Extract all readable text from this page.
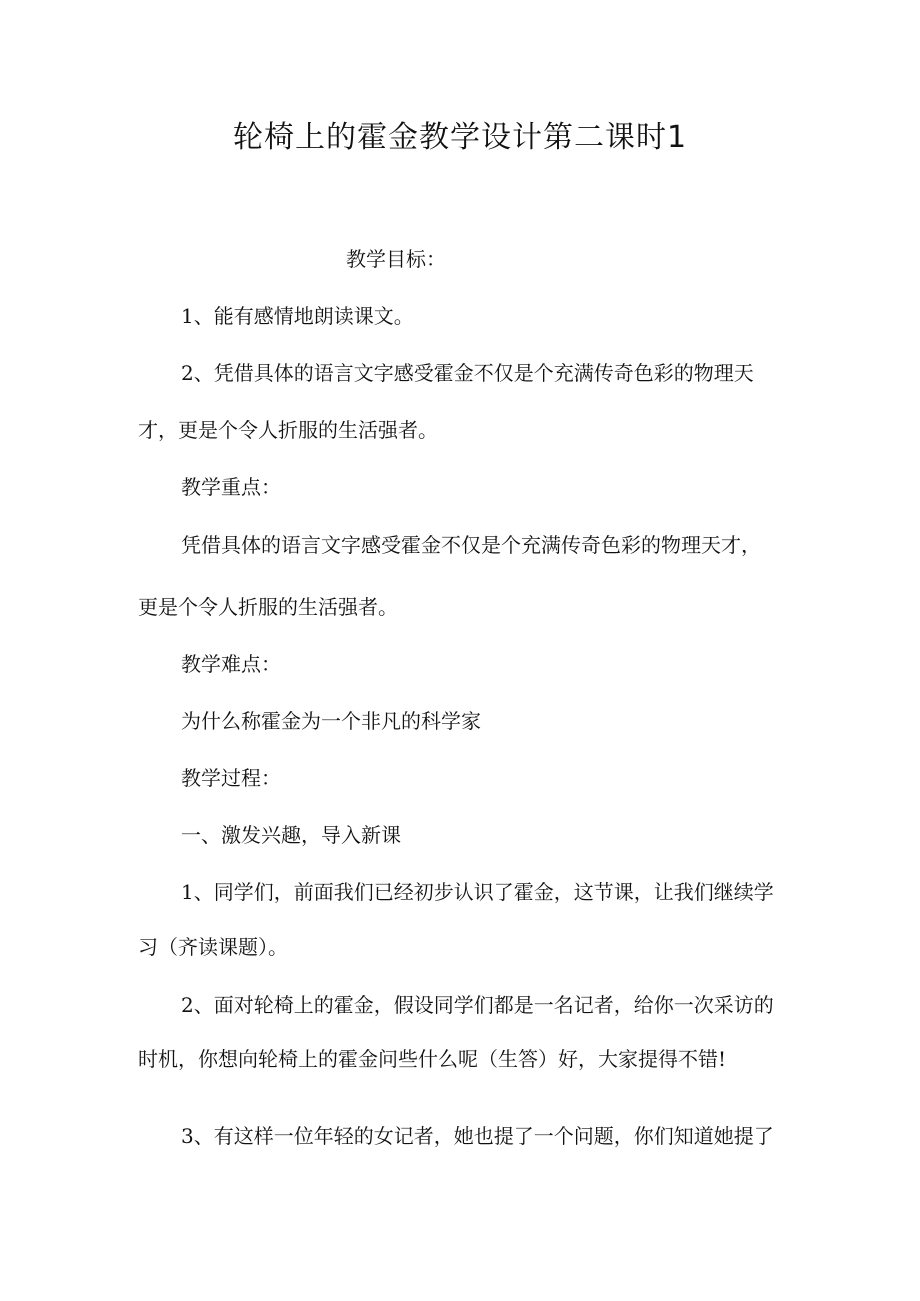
轮椅上的霍金教学设计第二课时1

教学目标：

1、能有感情地朗读课文。

2、凭借具体的语言文字感受霍金不仅是个充满传奇色彩的物理天

才，更是个令人折服的生活强者。

教学重点：

凭借具体的语言文字感受霍金不仅是个充满传奇色彩的物理天才，

更是个令人折服的生活强者。

教学难点：

为什么称霍金为一个非凡的科学家

教学过程：

一、激发兴趣，导入新课

1、同学们，前面我们已经初步认识了霍金，这节课，让我们继续学

习（齐读课题）。

2、面对轮椅上的霍金，假设同学们都是一名记者，给你一次采访的

时机，你想向轮椅上的霍金问些什么呢（生答）好，大家提得不错!

3、有这样一位年轻的女记者，她也提了一个问题，你们知道她提了
